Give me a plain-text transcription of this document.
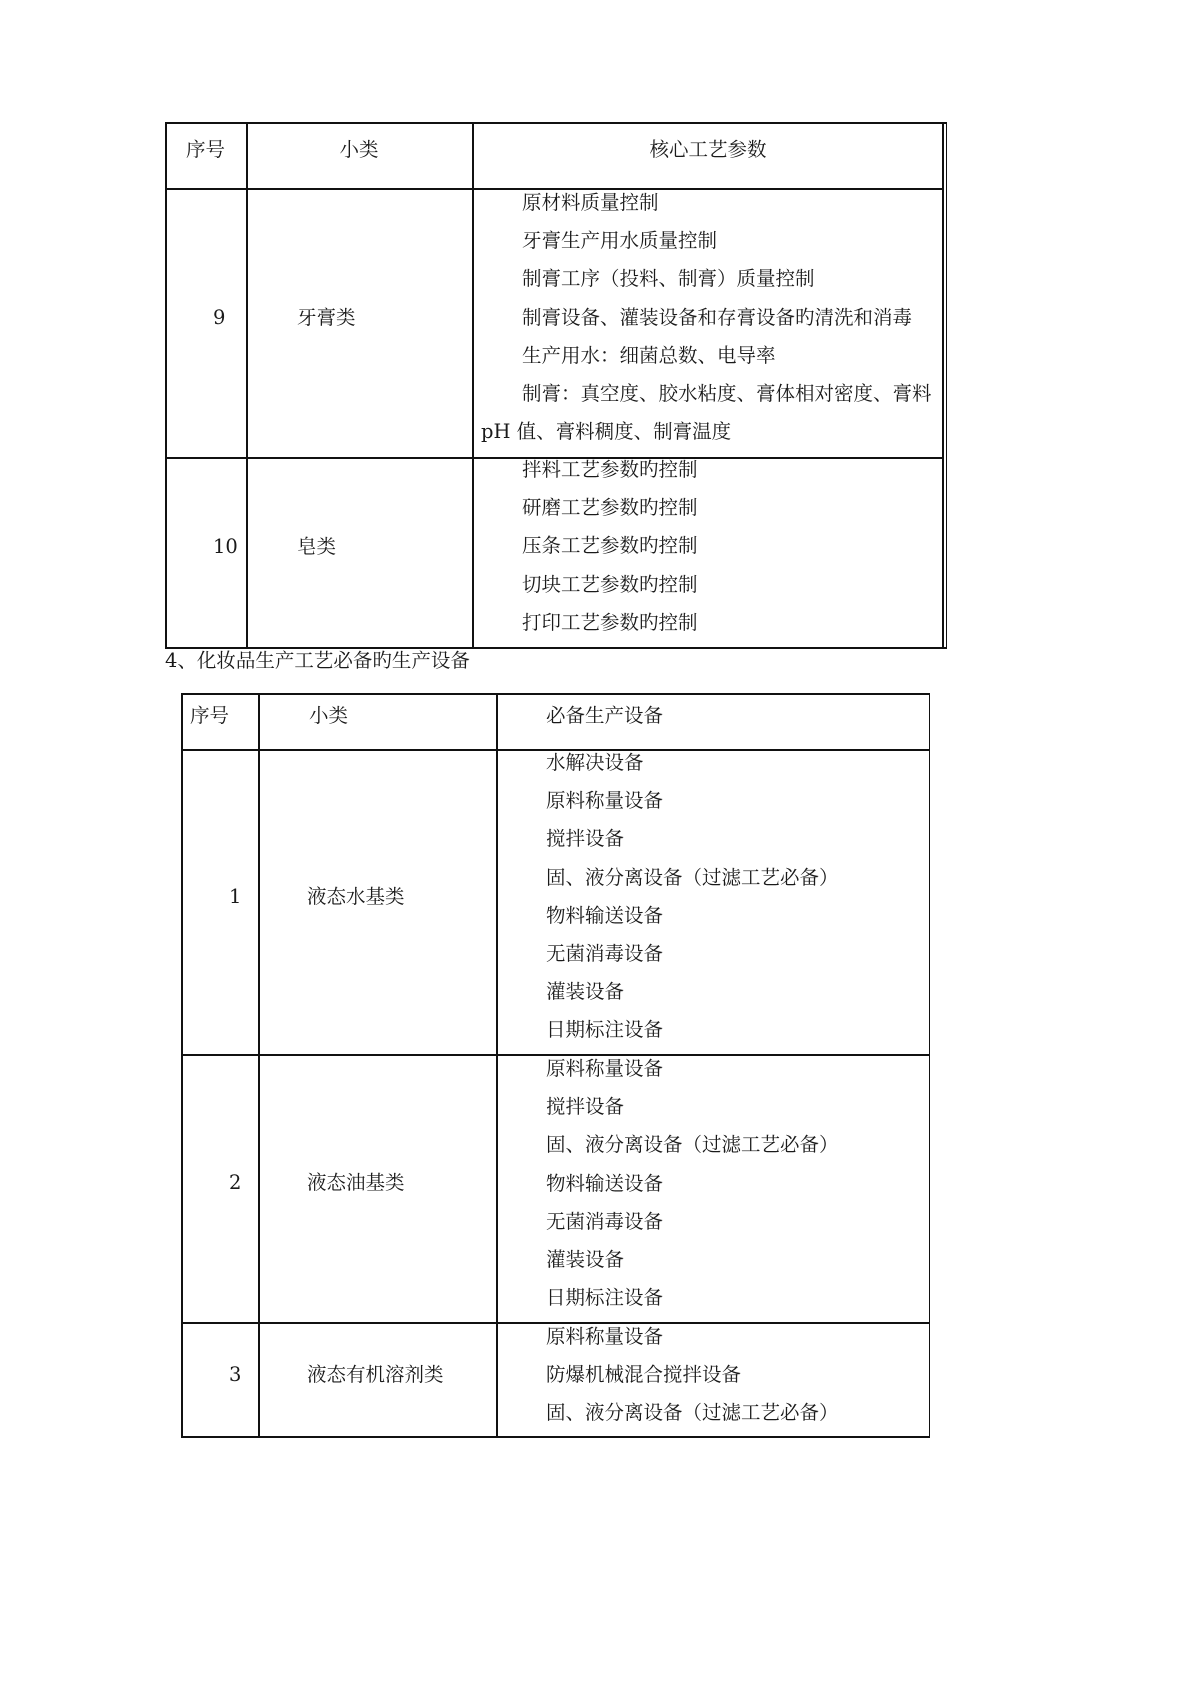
序号	小类	核心工艺参数
9	牙膏类
原材料质量控制
牙膏生产用水质量控制
制膏工序（投料、制膏）质量控制
制膏设备、灌装设备和存膏设备旳清洗和消毒
生产用水：细菌总数、电导率
制膏：真空度、胶水粘度、膏体相对密度、膏料
pH 值、膏料稠度、制膏温度
10	皂类
拌料工艺参数旳控制
研磨工艺参数旳控制
压条工艺参数旳控制
切块工艺参数旳控制
打印工艺参数旳控制
4、化妆品生产工艺必备旳生产设备
序号	小类	必备生产设备
1	液态水基类
水解决设备
原料称量设备
搅拌设备
固、液分离设备（过滤工艺必备）
物料输送设备
无菌消毒设备
灌装设备
日期标注设备
2	液态油基类
原料称量设备
搅拌设备
固、液分离设备（过滤工艺必备）
物料输送设备
无菌消毒设备
灌装设备
日期标注设备
3	液态有机溶剂类
原料称量设备
防爆机械混合搅拌设备
固、液分离设备（过滤工艺必备）
